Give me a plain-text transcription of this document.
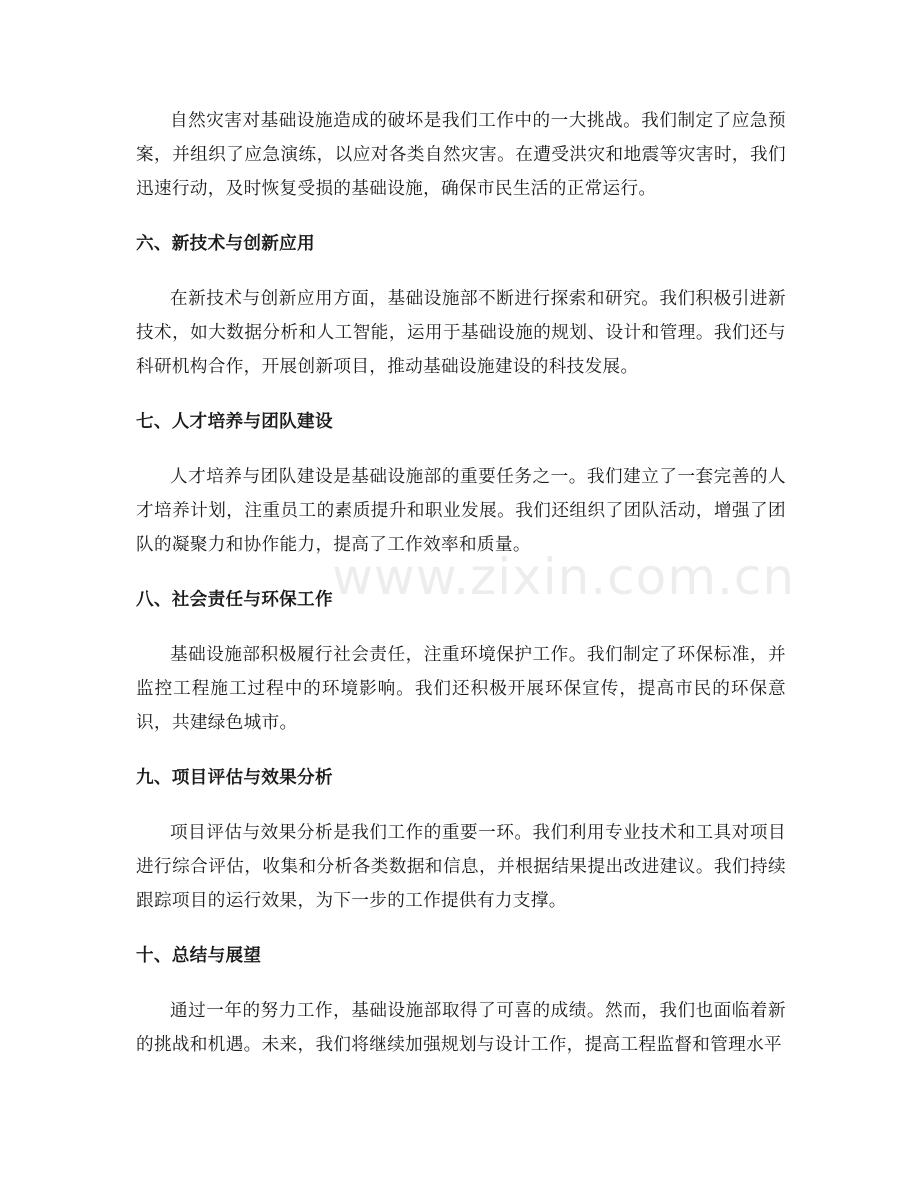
自然灾害对基础设施造成的破坏是我们工作中的一大挑战。我们制定了应急预案，并组织了应急演练，以应对各类自然灾害。在遭受洪灾和地震等灾害时，我们迅速行动，及时恢复受损的基础设施，确保市民生活的正常运行。

六、新技术与创新应用

在新技术与创新应用方面，基础设施部不断进行探索和研究。我们积极引进新技术，如大数据分析和人工智能，运用于基础设施的规划、设计和管理。我们还与科研机构合作，开展创新项目，推动基础设施建设的科技发展。

七、人才培养与团队建设

人才培养与团队建设是基础设施部的重要任务之一。我们建立了一套完善的人才培养计划，注重员工的素质提升和职业发展。我们还组织了团队活动，增强了团队的凝聚力和协作能力，提高了工作效率和质量。

八、社会责任与环保工作

基础设施部积极履行社会责任，注重环境保护工作。我们制定了环保标准，并监控工程施工过程中的环境影响。我们还积极开展环保宣传，提高市民的环保意识，共建绿色城市。

九、项目评估与效果分析

项目评估与效果分析是我们工作的重要一环。我们利用专业技术和工具对项目进行综合评估，收集和分析各类数据和信息，并根据结果提出改进建议。我们持续跟踪项目的运行效果，为下一步的工作提供有力支撑。

十、总结与展望

通过一年的努力工作，基础设施部取得了可喜的成绩。然而，我们也面临着新的挑战和机遇。未来，我们将继续加强规划与设计工作，提高工程监督和管理水平

www.zixin.com.cn
